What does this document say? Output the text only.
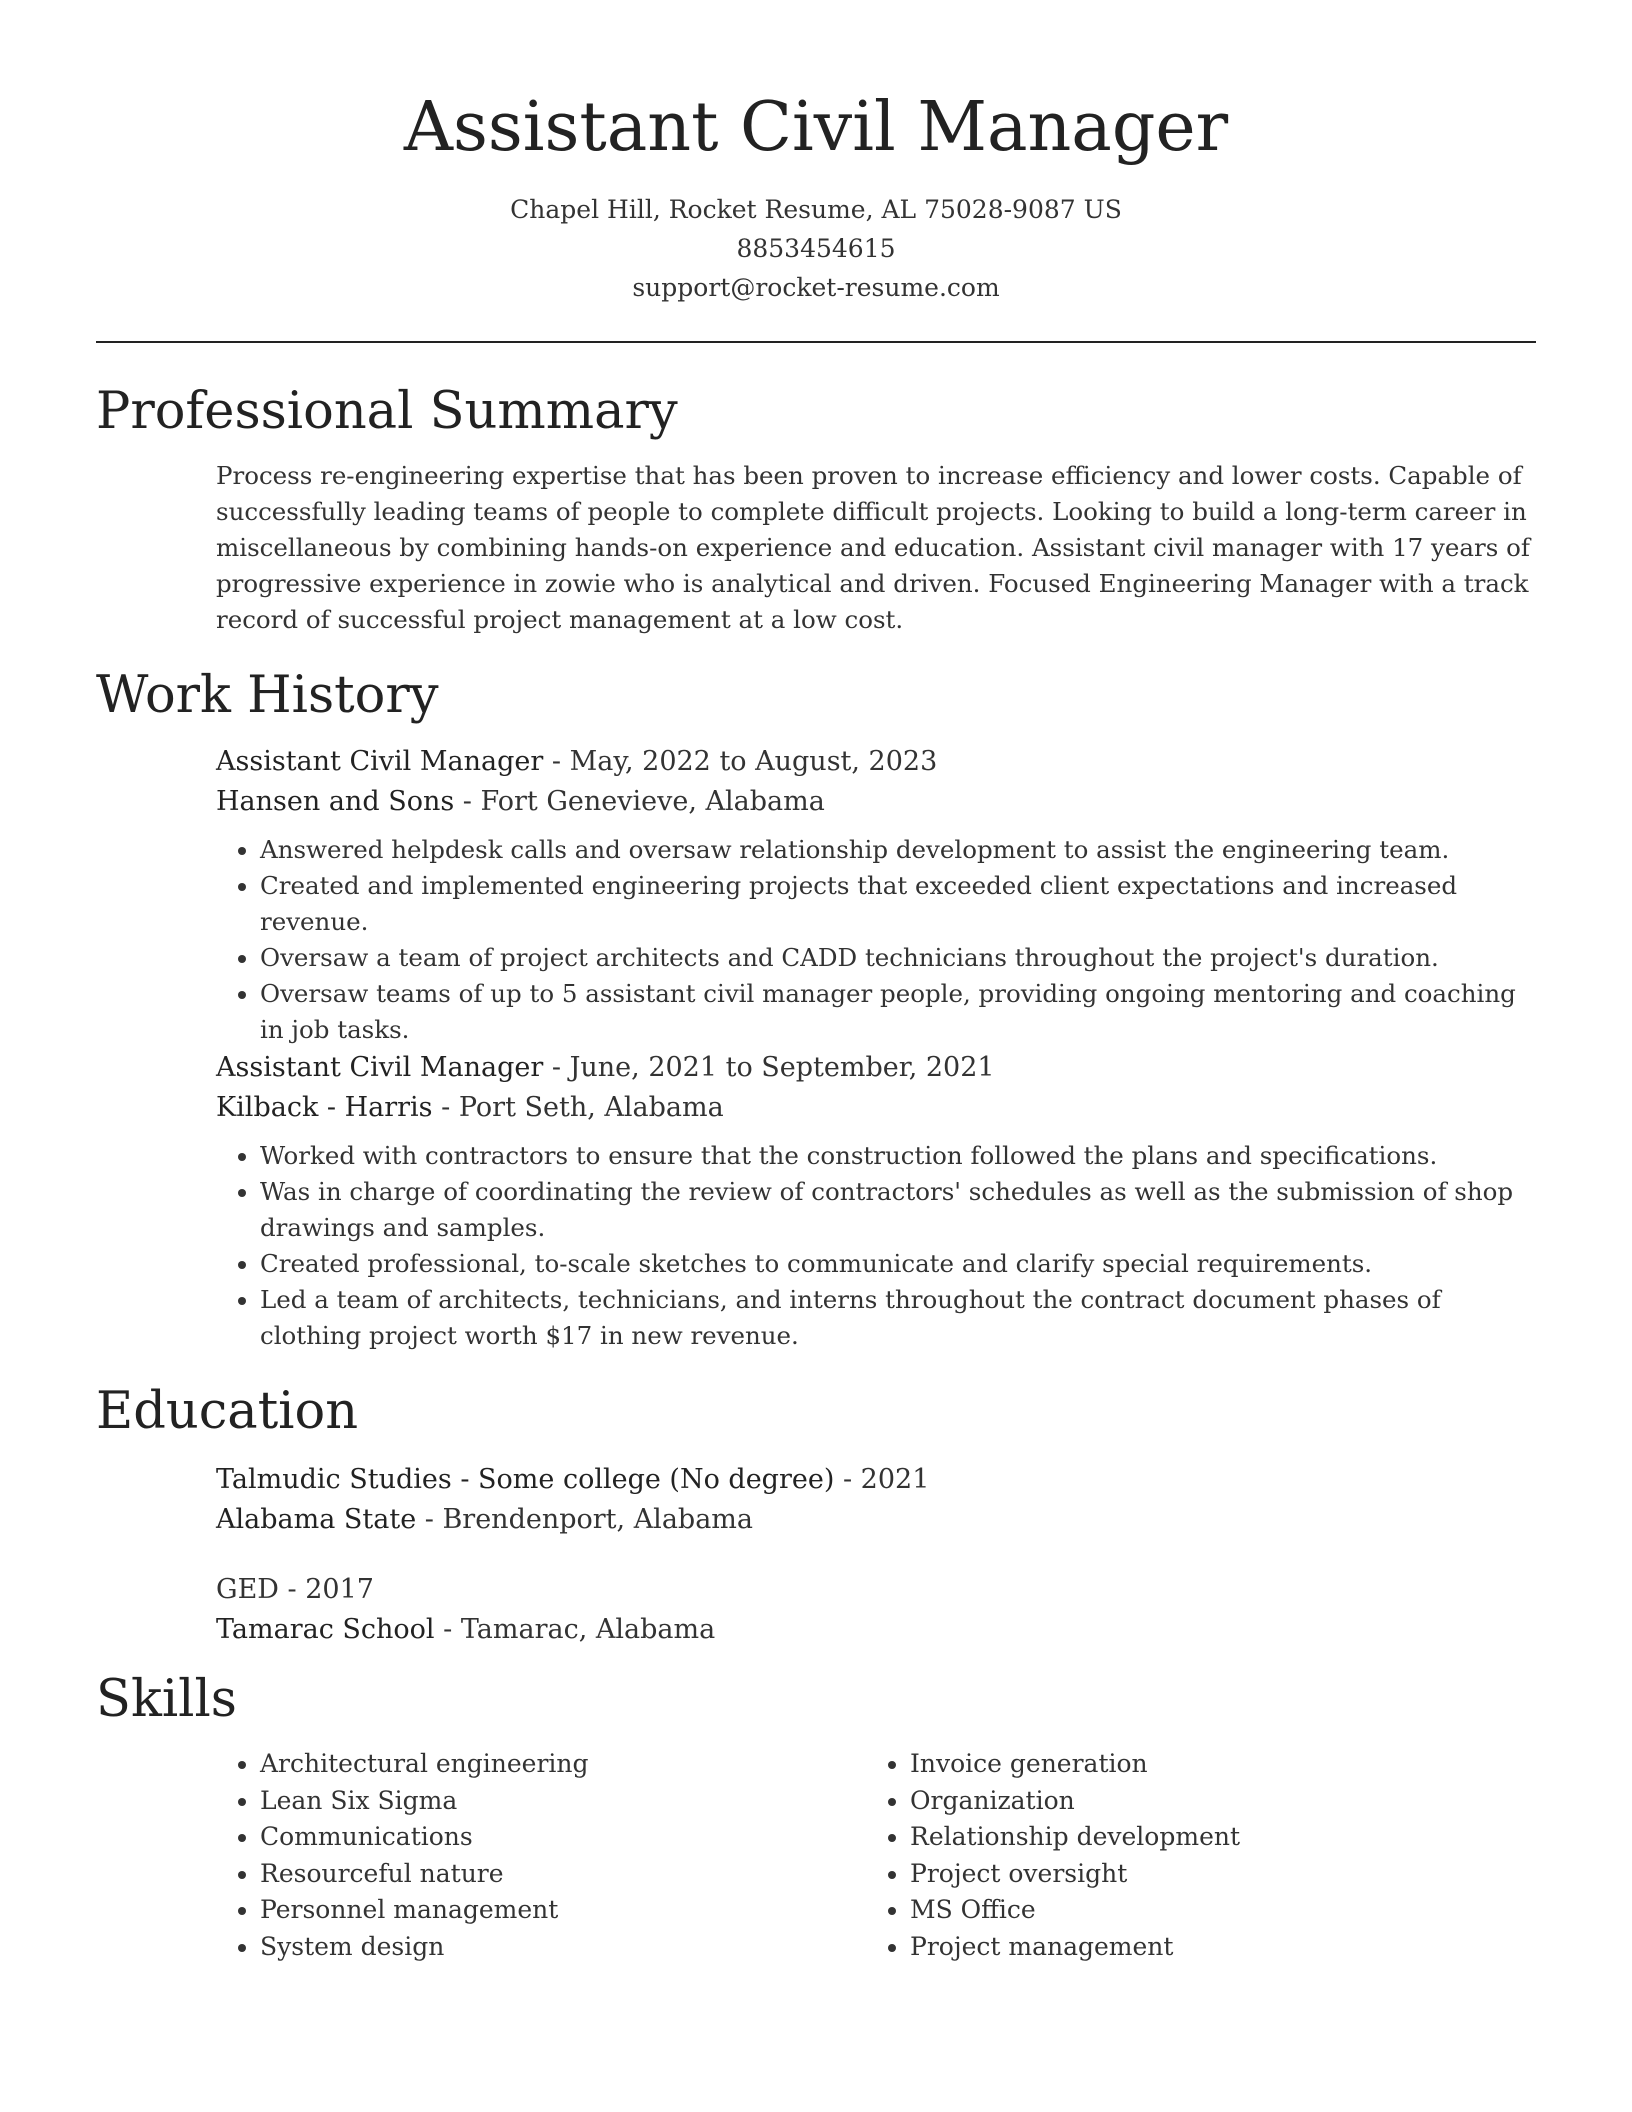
Assistant Civil Manager
Chapel Hill, Rocket Resume, AL 75028-9087 US
8853454615
support@rocket-resume.com
Professional Summary

Process re-engineering expertise that has been proven to increase efficiency and lower costs. Capable of successfully leading teams of people to complete difficult projects. Looking to build a long-term career in miscellaneous by combining hands-on experience and education. Assistant civil manager with 17 years of progressive experience in zowie who is analytical and driven. Focused Engineering Manager with a track record of successful project management at a low cost.

Work History
Assistant Civil Manager - May, 2022 to August, 2023
Hansen and Sons - Fort Genevieve, Alabama
• Answered helpdesk calls and oversaw relationship development to assist the engineering team.
• Created and implemented engineering projects that exceeded client expectations and increased revenue.
• Oversaw a team of project architects and CADD technicians throughout the project's duration.
• Oversaw teams of up to 5 assistant civil manager people, providing ongoing mentoring and coaching in job tasks.
Assistant Civil Manager - June, 2021 to September, 2021
Kilback - Harris - Port Seth, Alabama
• Worked with contractors to ensure that the construction followed the plans and specifications.
• Was in charge of coordinating the review of contractors' schedules as well as the submission of shop drawings and samples.
• Created professional, to-scale sketches to communicate and clarify special requirements.
• Led a team of architects, technicians, and interns throughout the contract document phases of clothing project worth $17 in new revenue.
Education
Talmudic Studies - Some college (No degree) - 2021
Alabama State - Brendenport, Alabama
GED - 2017
Tamarac School - Tamarac, Alabama
Skills
• Architectural engineering
• Lean Six Sigma
• Communications
• Resourceful nature
• Personnel management
• System design
• Invoice generation
• Organization
• Relationship development
• Project oversight
• MS Office
• Project management
